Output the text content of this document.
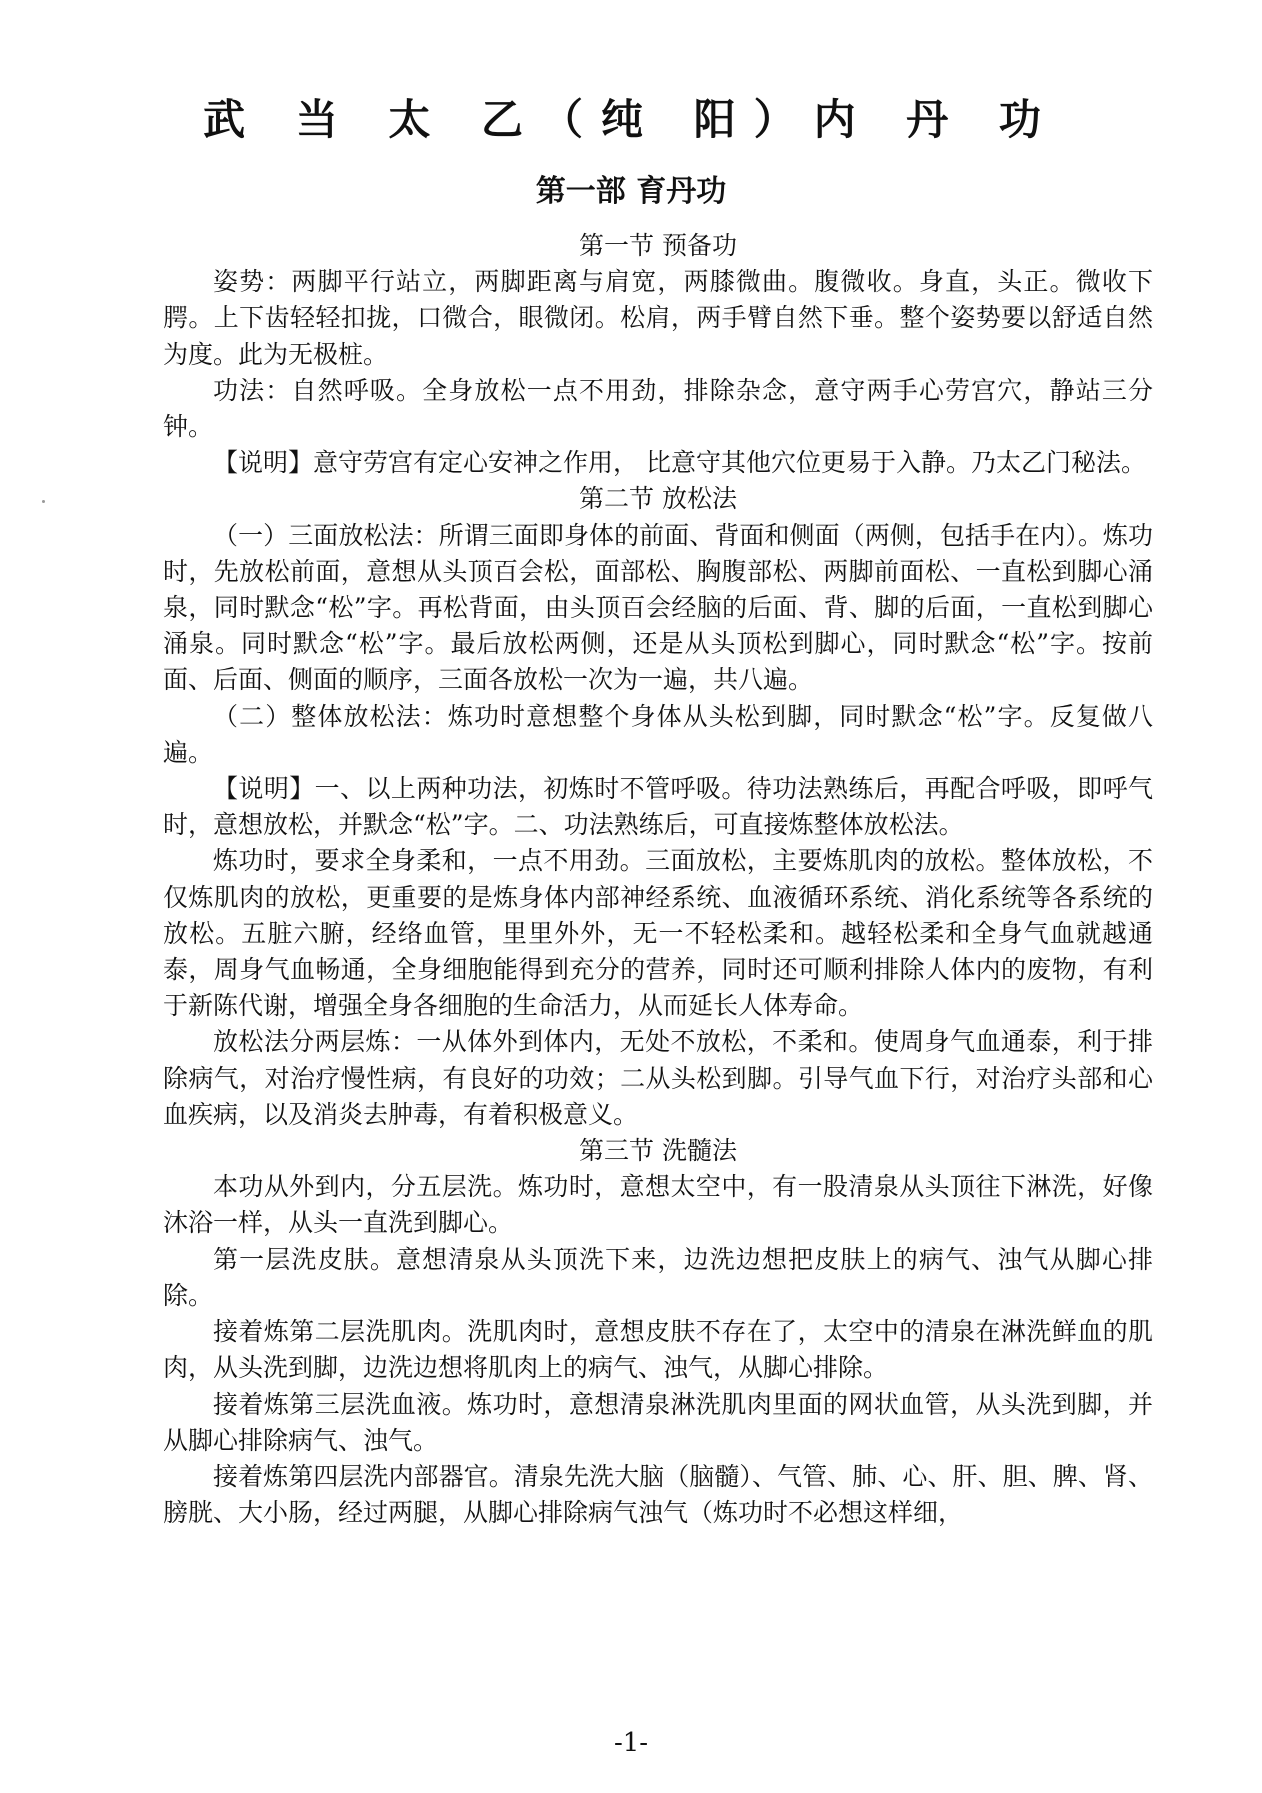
武 当 太 乙（纯 阳）内 丹 功
第一部 育丹功

第一节 预备功

姿势：两脚平行站立，两脚距离与肩宽，两膝微曲。腹微收。身直，头正。微收下腭。上下齿轻轻扣拢，口微合，眼微闭。松肩，两手臂自然下垂。整个姿势要以舒适自然为度。此为无极桩。

功法：自然呼吸。全身放松一点不用劲，排除杂念，意守两手心劳宫穴，静站三分钟。

【说明】意守劳宫有定心安神之作用， 比意守其他穴位更易于入静。乃太乙门秘法。

第二节 放松法

（一）三面放松法：所谓三面即身体的前面、背面和侧面（两侧，包括手在内）。炼功时，先放松前面，意想从头顶百会松，面部松、胸腹部松、两脚前面松、一直松到脚心涌泉，同时默念“松”字。再松背面，由头顶百会经脑的后面、背、脚的后面，一直松到脚心涌泉。同时默念“松”字。最后放松两侧，还是从头顶松到脚心，同时默念“松”字。按前面、后面、侧面的顺序，三面各放松一次为一遍，共八遍。

（二）整体放松法：炼功时意想整个身体从头松到脚，同时默念“松”字。反复做八遍。

【说明】一、以上两种功法，初炼时不管呼吸。待功法熟练后，再配合呼吸，即呼气时，意想放松，并默念“松”字。二、功法熟练后，可直接炼整体放松法。

炼功时，要求全身柔和，一点不用劲。三面放松，主要炼肌肉的放松。整体放松，不仅炼肌肉的放松，更重要的是炼身体内部神经系统、血液循环系统、消化系统等各系统的放松。五脏六腑，经络血管，里里外外，无一不轻松柔和。越轻松柔和全身气血就越通泰，周身气血畅通，全身细胞能得到充分的营养，同时还可顺利排除人体内的废物，有利于新陈代谢，增强全身各细胞的生命活力，从而延长人体寿命。

放松法分两层炼：一从体外到体内，无处不放松，不柔和。使周身气血通泰，利于排除病气，对治疗慢性病，有良好的功效；二从头松到脚。引导气血下行，对治疗头部和心血疾病，以及消炎去肿毒，有着积极意义。

第三节 洗髓法

本功从外到内，分五层洗。炼功时，意想太空中，有一股清泉从头顶往下淋洗，好像沐浴一样，从头一直洗到脚心。

第一层洗皮肤。意想清泉从头顶洗下来，边洗边想把皮肤上的病气、浊气从脚心排除。

接着炼第二层洗肌肉。洗肌肉时，意想皮肤不存在了，太空中的清泉在淋洗鲜血的肌肉，从头洗到脚，边洗边想将肌肉上的病气、浊气，从脚心排除。

接着炼第三层洗血液。炼功时，意想清泉淋洗肌肉里面的网状血管，从头洗到脚，并从脚心排除病气、浊气。

接着炼第四层洗内部器官。清泉先洗大脑（脑髓）、气管、肺、心、肝、胆、脾、肾、膀胱、大小肠，经过两腿，从脚心排除病气浊气（炼功时不必想这样细，

-1-
